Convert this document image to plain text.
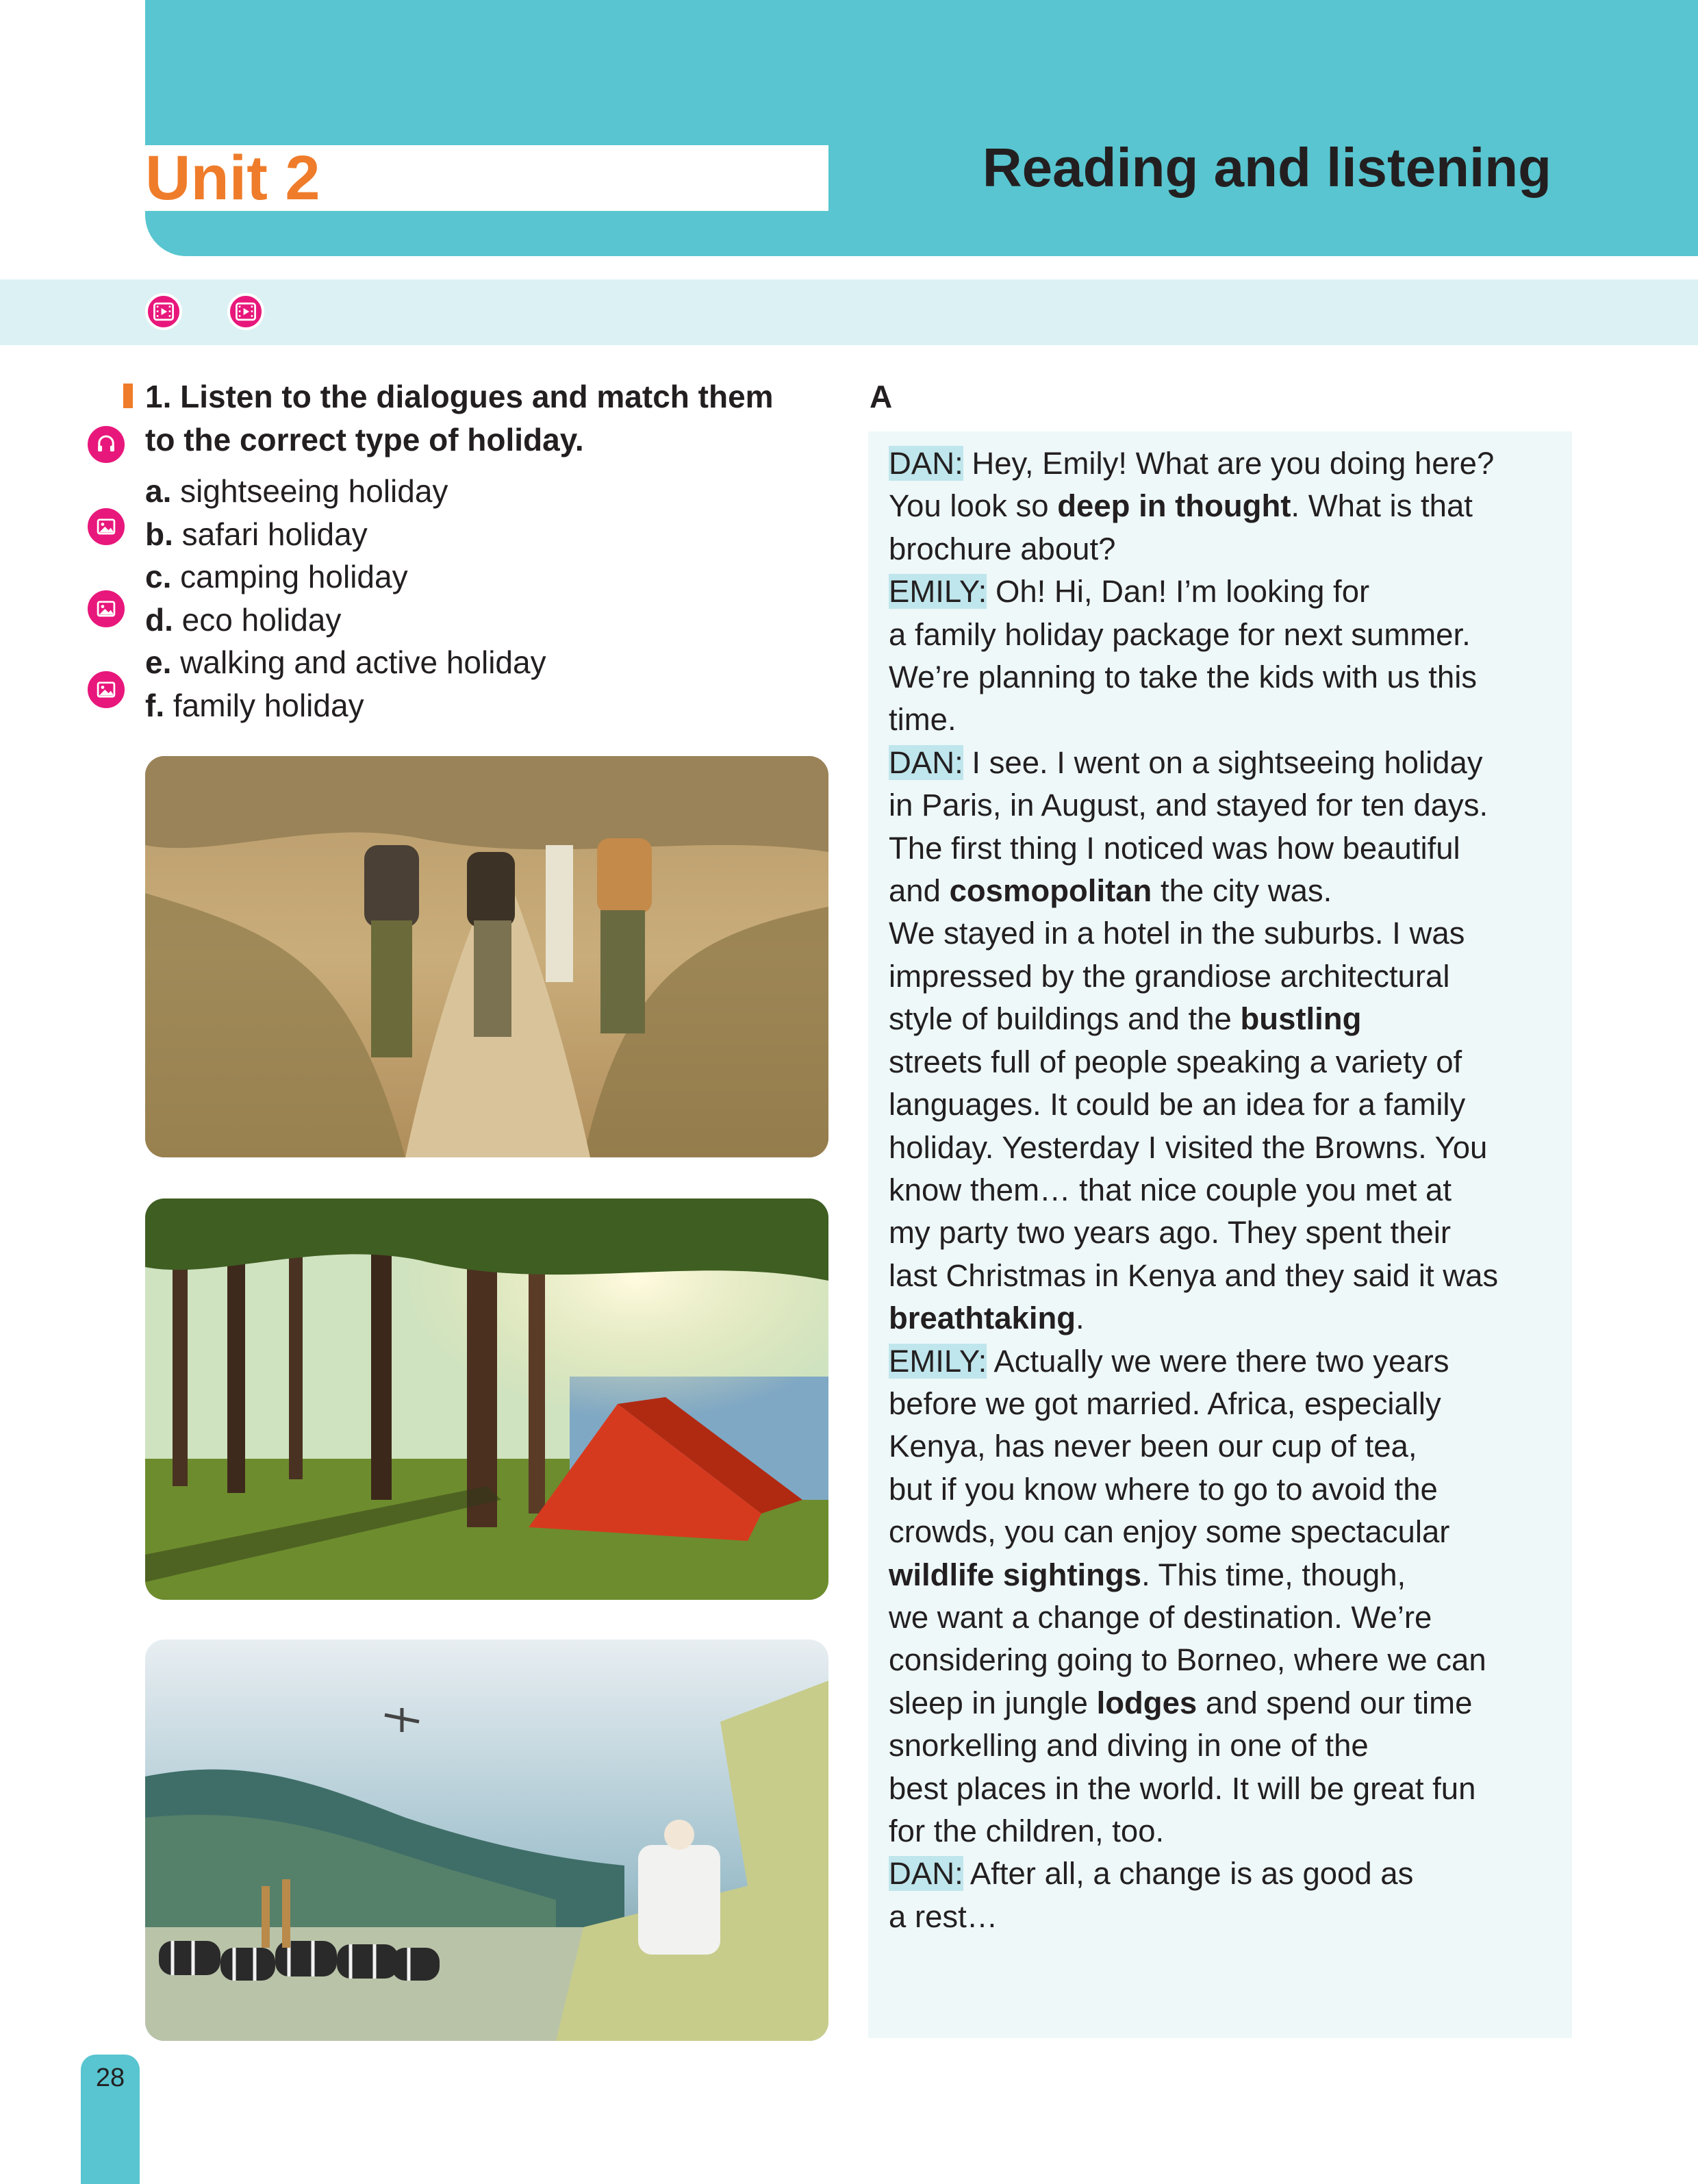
Unit 2	Reading and listening
1. Listen to the dialogues and match them
to the correct type of holiday.
a. sightseeing holiday
b. safari holiday
c. camping holiday
d. eco holiday
e. walking and active holiday
f. family holiday
A

DAN: Hey, Emily! What are you doing here?

You look so deep in thought. What is that

brochure about?

EMILY: Oh! Hi, Dan! I’m looking for

a family holiday package for next summer.

We’re planning to take the kids with us this

time.

DAN: I see. I went on a sightseeing holiday

in Paris, in August, and stayed for ten days.

The first thing I noticed was how beautiful

and cosmopolitan the city was.

We stayed in a hotel in the suburbs. I was

impressed by the grandiose architectural

style of buildings and the bustling

streets full of people speaking a variety of

languages. It could be an idea for a family

holiday. Yesterday I visited the Browns. You

know them… that nice couple you met at

my party two years ago. They spent their

last Christmas in Kenya and they said it was

breathtaking.

EMILY: Actually we were there two years

before we got married. Africa, especially

Kenya, has never been our cup of tea,

but if you know where to go to avoid the

crowds, you can enjoy some spectacular

wildlife sightings. This time, though,

we want a change of destination. We’re

considering going to Borneo, where we can

sleep in jungle lodges and spend our time

snorkelling and diving in one of the

best places in the world. It will be great fun

for the children, too.

DAN: After all, a change is as good as

a rest…

28
